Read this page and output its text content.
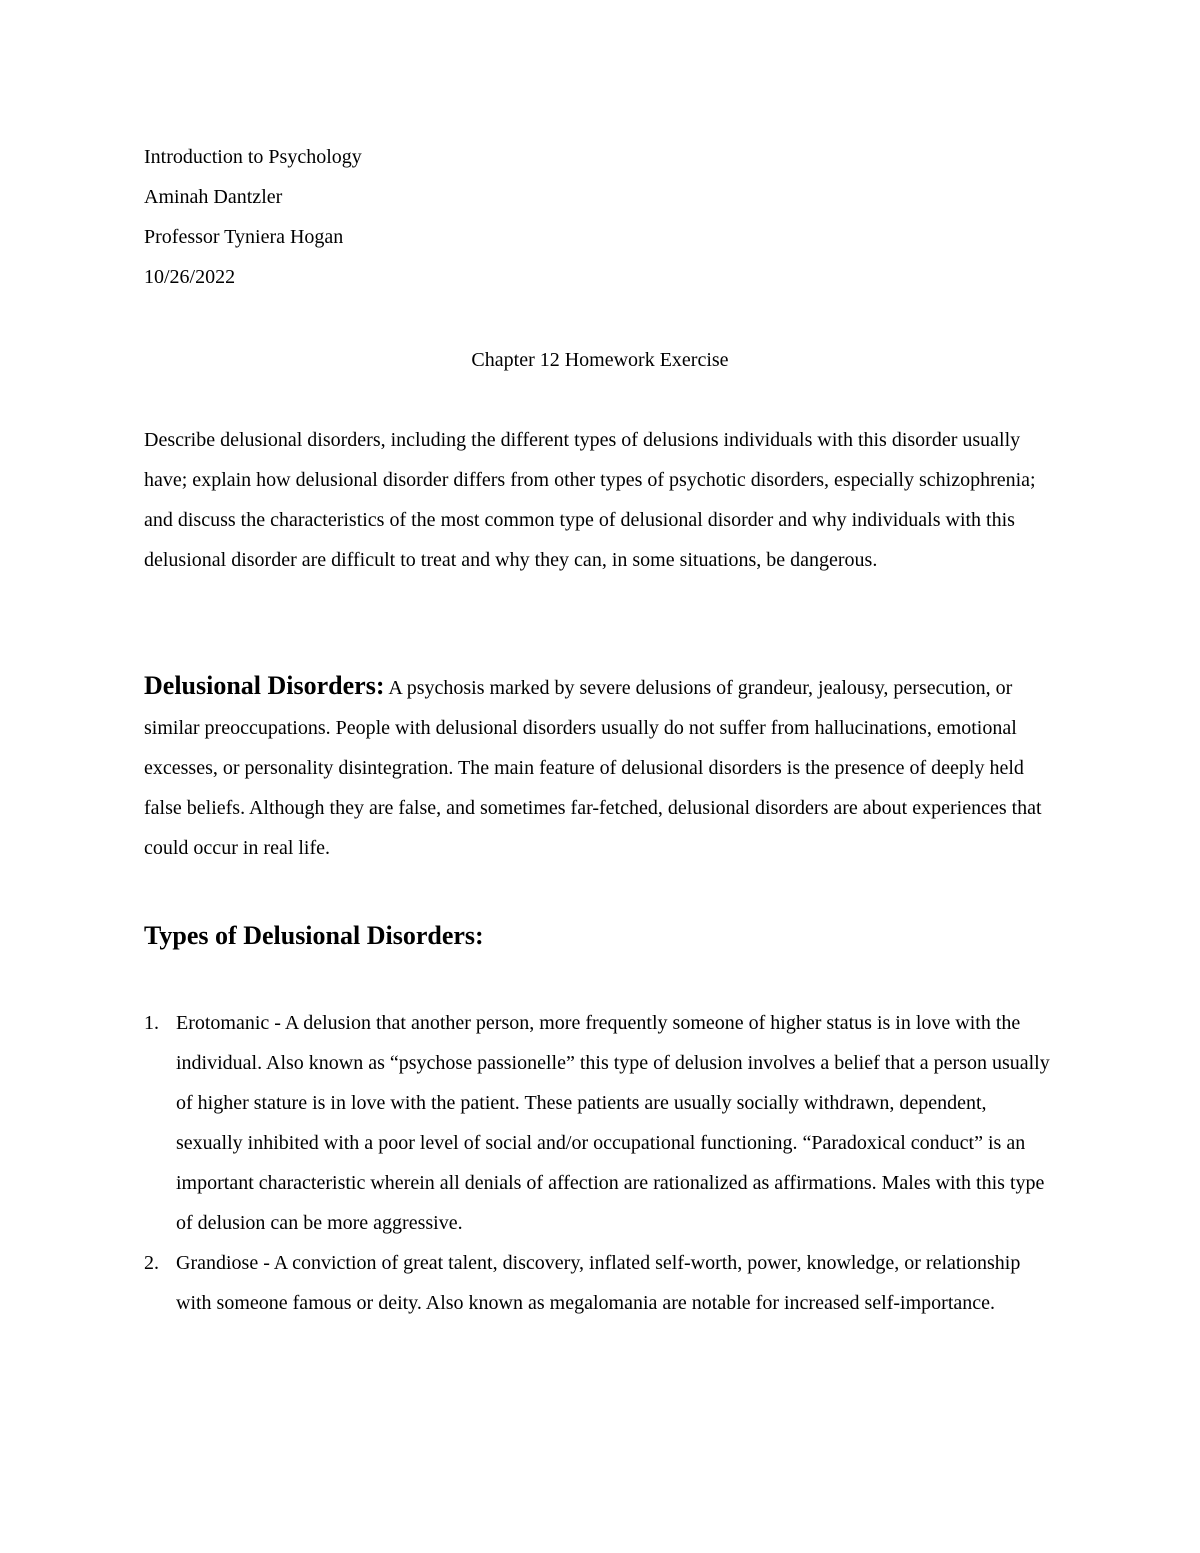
Introduction to Psychology

Aminah Dantzler

Professor Tyniera Hogan

10/26/2022

Chapter 12 Homework Exercise

Describe delusional disorders, including the different types of delusions individuals with this disorder usually have; explain how delusional disorder differs from other types of psychotic disorders, especially schizophrenia; and discuss the characteristics of the most common type of delusional disorder and why individuals with this delusional disorder are difficult to treat and why they can, in some situations, be dangerous.

Delusional Disorders: A psychosis marked by severe delusions of grandeur, jealousy, persecution, or similar preoccupations. People with delusional disorders usually do not suffer from hallucinations, emotional excesses, or personality disintegration. The main feature of delusional disorders is the presence of deeply held false beliefs. Although they are false, and sometimes far-fetched, delusional disorders are about experiences that could occur in real life.

Types of Delusional Disorders:
1. Erotomanic - A delusion that another person, more frequently someone of higher status is in love with the individual. Also known as “psychose passionelle” this type of delusion involves a belief that a person usually of higher stature is in love with the patient. These patients are usually socially withdrawn, dependent, sexually inhibited with a poor level of social and/or occupational functioning. “Paradoxical conduct” is an important characteristic wherein all denials of affection are rationalized as affirmations. Males with this type of delusion can be more aggressive.
2. Grandiose - A conviction of great talent, discovery, inflated self-worth, power, knowledge, or relationship with someone famous or deity. Also known as megalomania are notable for increased self-importance.
